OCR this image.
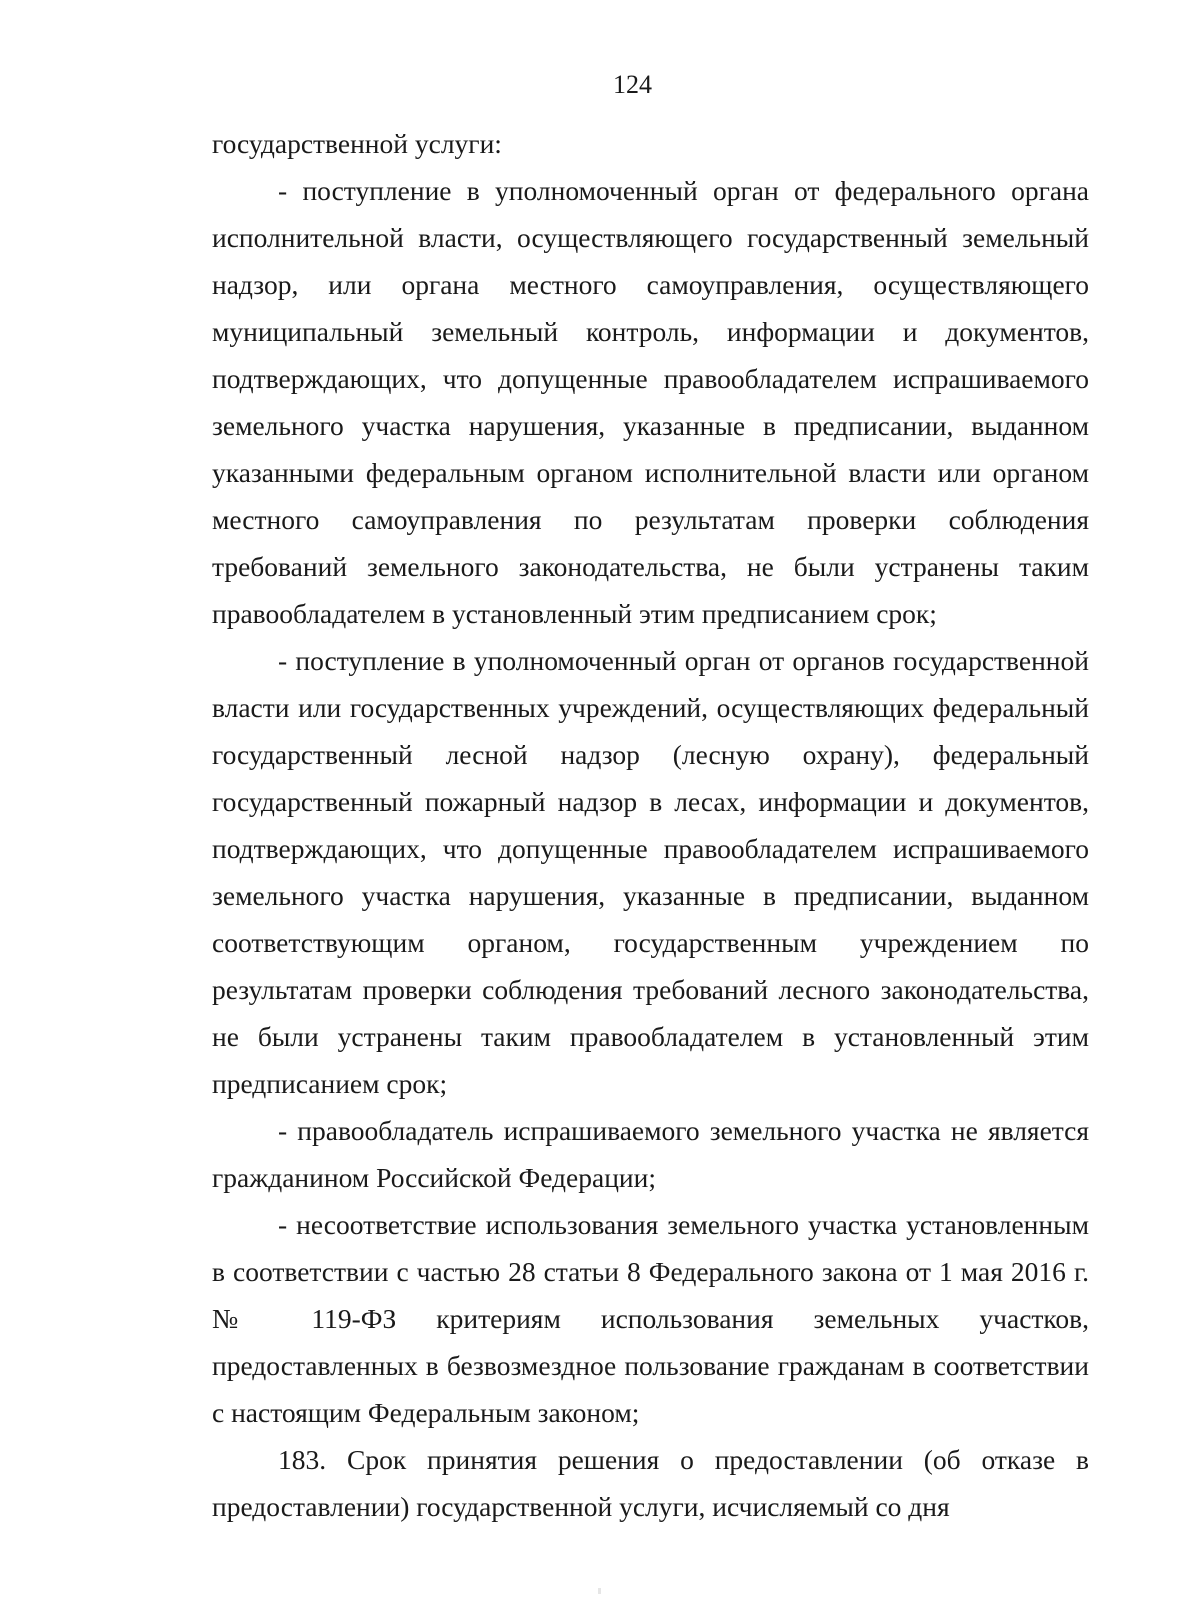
124

государственной услуги:

- поступление в уполномоченный орган от федерального органа исполнительной власти, осуществляющего государственный земельный надзор, или органа местного самоуправления, осуществляющего муниципальный земельный контроль, информации и документов, подтверждающих, что допущенные правообладателем испрашиваемого земельного участка нарушения, указанные в предписании, выданном указанными федеральным органом исполнительной власти или органом местного самоуправления по результатам проверки соблюдения требований земельного законодательства, не были устранены таким правообладателем в установленный этим предписанием срок;

- поступление в уполномоченный орган от органов государственной власти или государственных учреждений, осуществляющих федеральный государственный лесной надзор (лесную охрану), федеральный государственный пожарный надзор в лесах, информации и документов, подтверждающих, что допущенные правообладателем испрашиваемого земельного участка нарушения, указанные в предписании, выданном соответствующим органом, государственным учреждением по результатам проверки соблюдения требований лесного законодательства, не были устранены таким правообладателем в установленный этим предписанием срок;

- правообладатель испрашиваемого земельного участка не является гражданином Российской Федерации;

- несоответствие использования земельного участка установленным в соответствии с частью 28 статьи 8 Федерального закона от 1 мая 2016 г. № 119-ФЗ критериям использования земельных участков, предоставленных в безвозмездное пользование гражданам в соответствии с настоящим Федеральным законом;

183. Срок принятия решения о предоставлении (об отказе в предоставлении) государственной услуги, исчисляемый со дня
